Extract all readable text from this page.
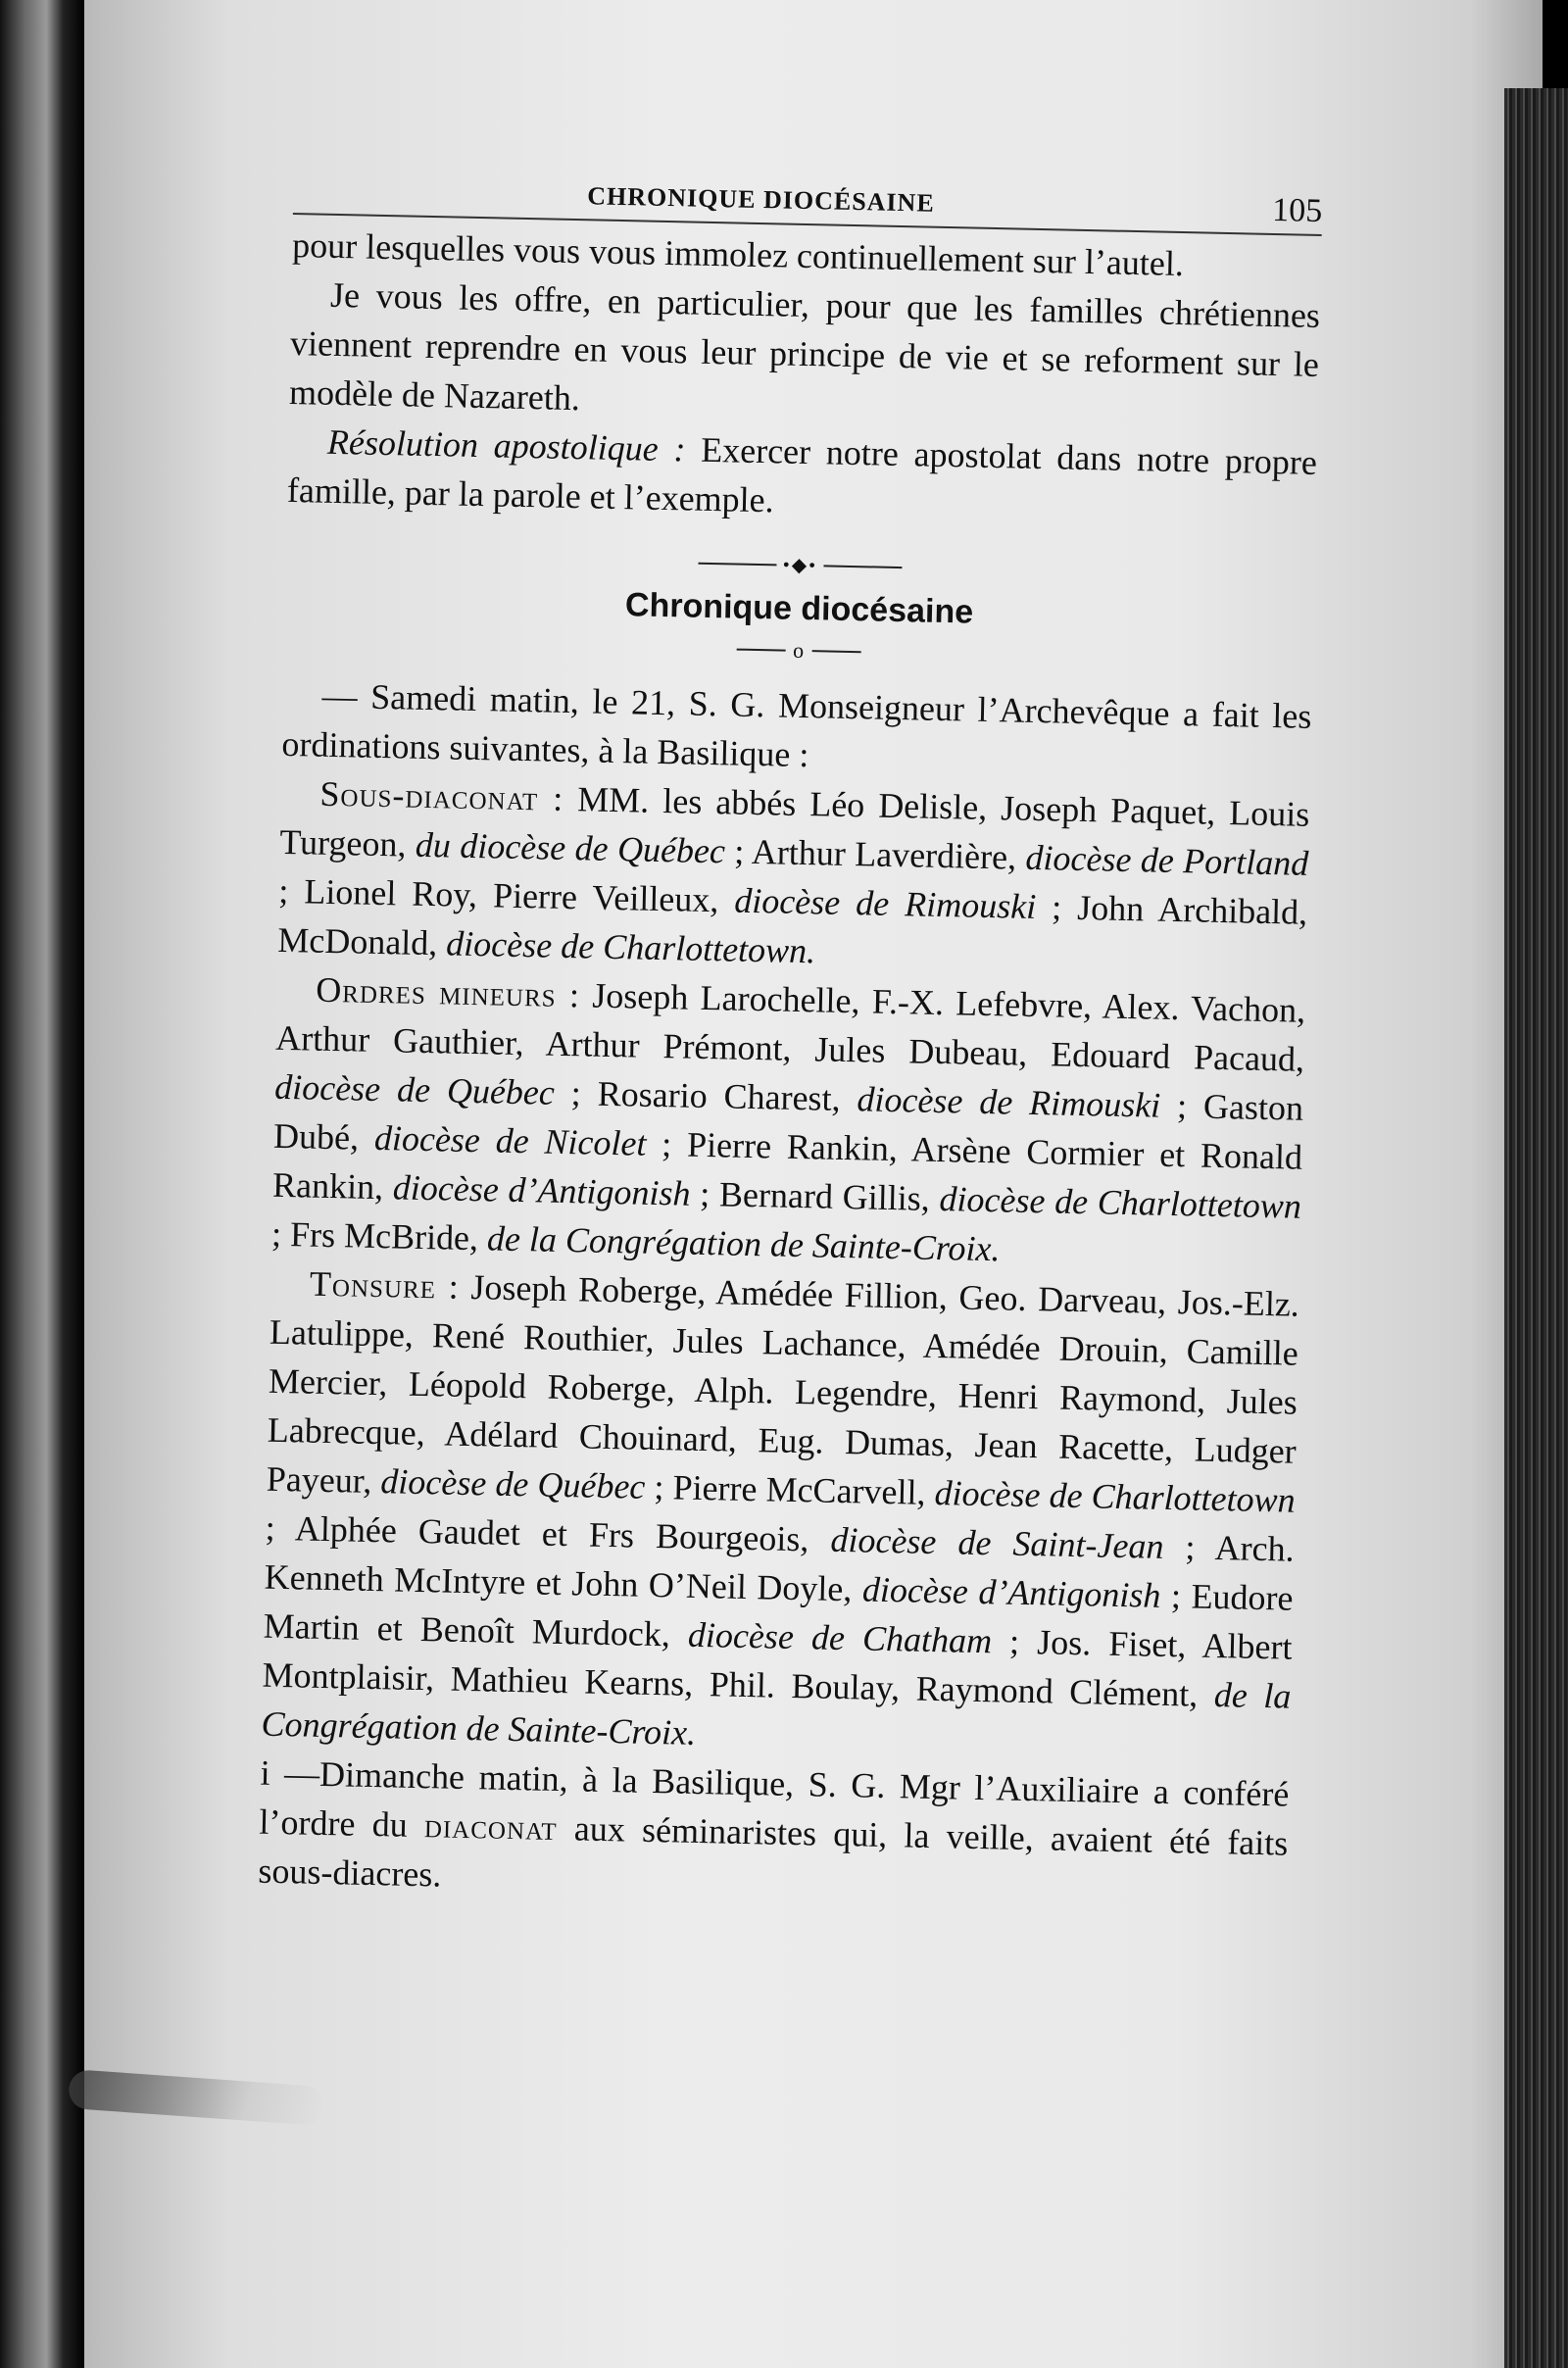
CHRONIQUE DIOCÉSAINE	105

pour lesquelles vous vous immolez continuellement sur l’autel.

Je vous les offre, en particulier, pour que les familles chrétiennes viennent reprendre en vous leur principe de vie et se reforment sur le modèle de Nazareth.

Résolution apostolique : Exercer notre apostolat dans notre propre famille, par la parole et l’exemple.

•◆•
Chronique diocésaine
o

— Samedi matin, le 21, S. G. Monseigneur l’Archevêque a fait les ordinations suivantes, à la Basilique :

Sous-diaconat : MM. les abbés Léo Delisle, Joseph Paquet, Louis Turgeon, du diocèse de Québec ; Arthur Laverdière, diocèse de Portland ; Lionel Roy, Pierre Veilleux, diocèse de Rimouski ; John Archibald, McDonald, diocèse de Charlottetown.

Ordres mineurs : Joseph Larochelle, F.-X. Lefebvre, Alex. Vachon, Arthur Gauthier, Arthur Prémont, Jules Dubeau, Edouard Pacaud, diocèse de Québec ; Rosario Charest, diocèse de Rimouski ; Gaston Dubé, diocèse de Nicolet ; Pierre Rankin, Arsène Cormier et Ronald Rankin, diocèse d’Antigonish ; Bernard Gillis, diocèse de Charlottetown ; Frs McBride, de la Congrégation de Sainte-Croix.

Tonsure : Joseph Roberge, Amédée Fillion, Geo. Darveau, Jos.-Elz. Latulippe, René Routhier, Jules Lachance, Amédée Drouin, Camille Mercier, Léopold Roberge, Alph. Legendre, Henri Raymond, Jules Labrecque, Adélard Chouinard, Eug. Dumas, Jean Racette, Ludger Payeur, diocèse de Québec ; Pierre McCarvell, diocèse de Charlottetown ; Alphée Gaudet et Frs Bourgeois, diocèse de Saint-Jean ; Arch. Kenneth McIntyre et John O’Neil Doyle, diocèse d’Antigonish ; Eudore Martin et Benoît Murdock, diocèse de Chatham ; Jos. Fiset, Albert Montplaisir, Mathieu Kearns, Phil. Boulay, Raymond Clément, de la Congrégation de Sainte-Croix.

i —Dimanche matin, à la Basilique, S. G. Mgr l’Auxiliaire a conféré l’ordre du diaconat aux séminaristes qui, la veille, avaient été faits sous-diacres.
